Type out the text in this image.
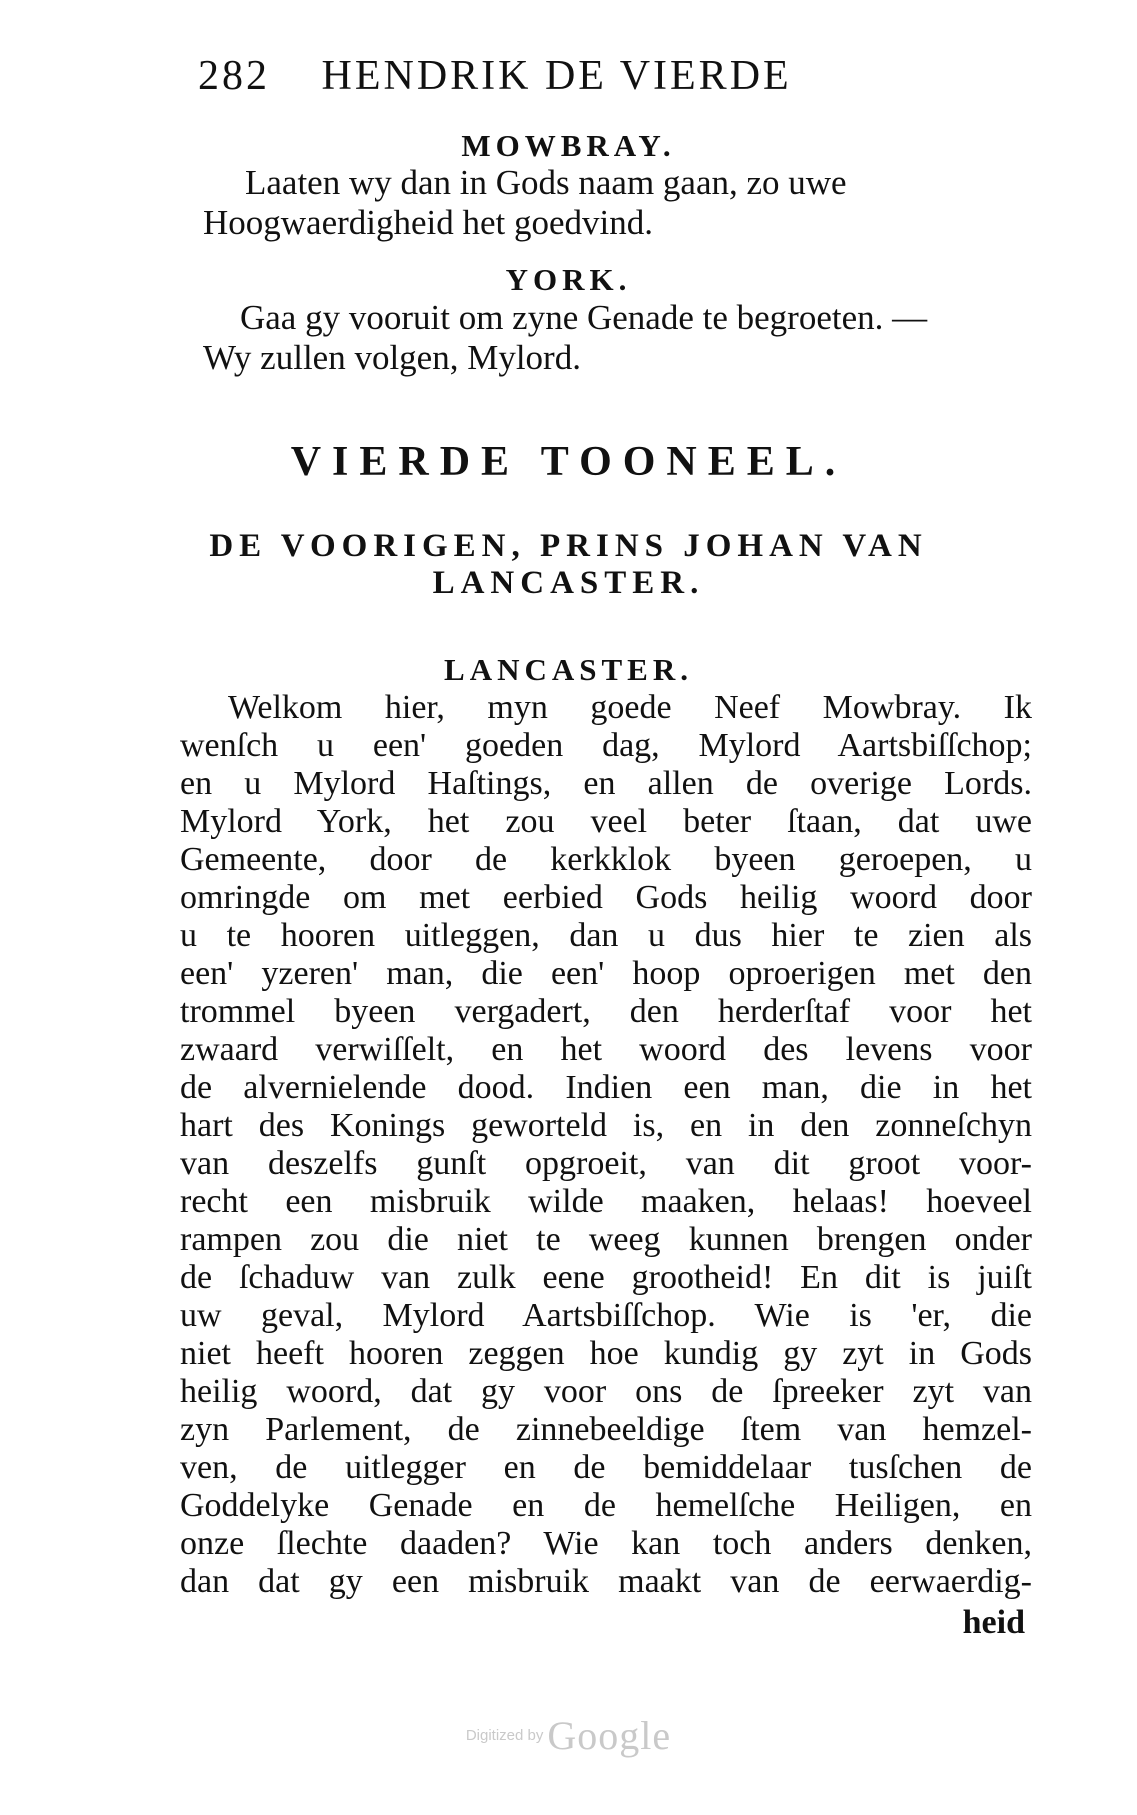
282 HENDRIK DE VIERDE
MOWBRAY.
Laaten wy dan in Gods naam gaan, zo uwe
Hoogwaerdigheid het goedvind.
YORK.
Gaa gy vooruit om zyne Genade te begroeten. —
Wy zullen volgen, Mylord.
VIERDE TOONEEL.
DE VOORIGEN, PRINS JOHAN VAN
LANCASTER.
LANCASTER.
Welkom hier, myn goede Neef Mowbray. Ik
wenſch u een' goeden dag, Mylord Aartsbiſſchop;
en u Mylord Haſtings, en allen de overige Lords.
Mylord York, het zou veel beter ſtaan, dat uwe
Gemeente, door de kerkklok byeen geroepen, u
omringde om met eerbied Gods heilig woord door
u te hooren uitleggen, dan u dus hier te zien als
een' yzeren' man, die een' hoop oproerigen met den
trommel byeen vergadert, den herderſtaf voor het
zwaard verwiſſelt, en het woord des levens voor
de alvernielende dood. Indien een man, die in het
hart des Konings geworteld is, en in den zonneſchyn
van deszelfs gunſt opgroeit, van dit groot voor-
recht een misbruik wilde maaken, helaas! hoeveel
rampen zou die niet te weeg kunnen brengen onder
de ſchaduw van zulk eene grootheid! En dit is juiſt
uw geval, Mylord Aartsbiſſchop. Wie is 'er, die
niet heeft hooren zeggen hoe kundig gy zyt in Gods
heilig woord, dat gy voor ons de ſpreeker zyt van
zyn Parlement, de zinnebeeldige ſtem van hemzel-
ven, de uitlegger en de bemiddelaar tusſchen de
Goddelyke Genade en de hemelſche Heiligen, en
onze ſlechte daaden? Wie kan toch anders denken,
dan dat gy een misbruik maakt van de eerwaerdig-
heid
Digitized by Google
